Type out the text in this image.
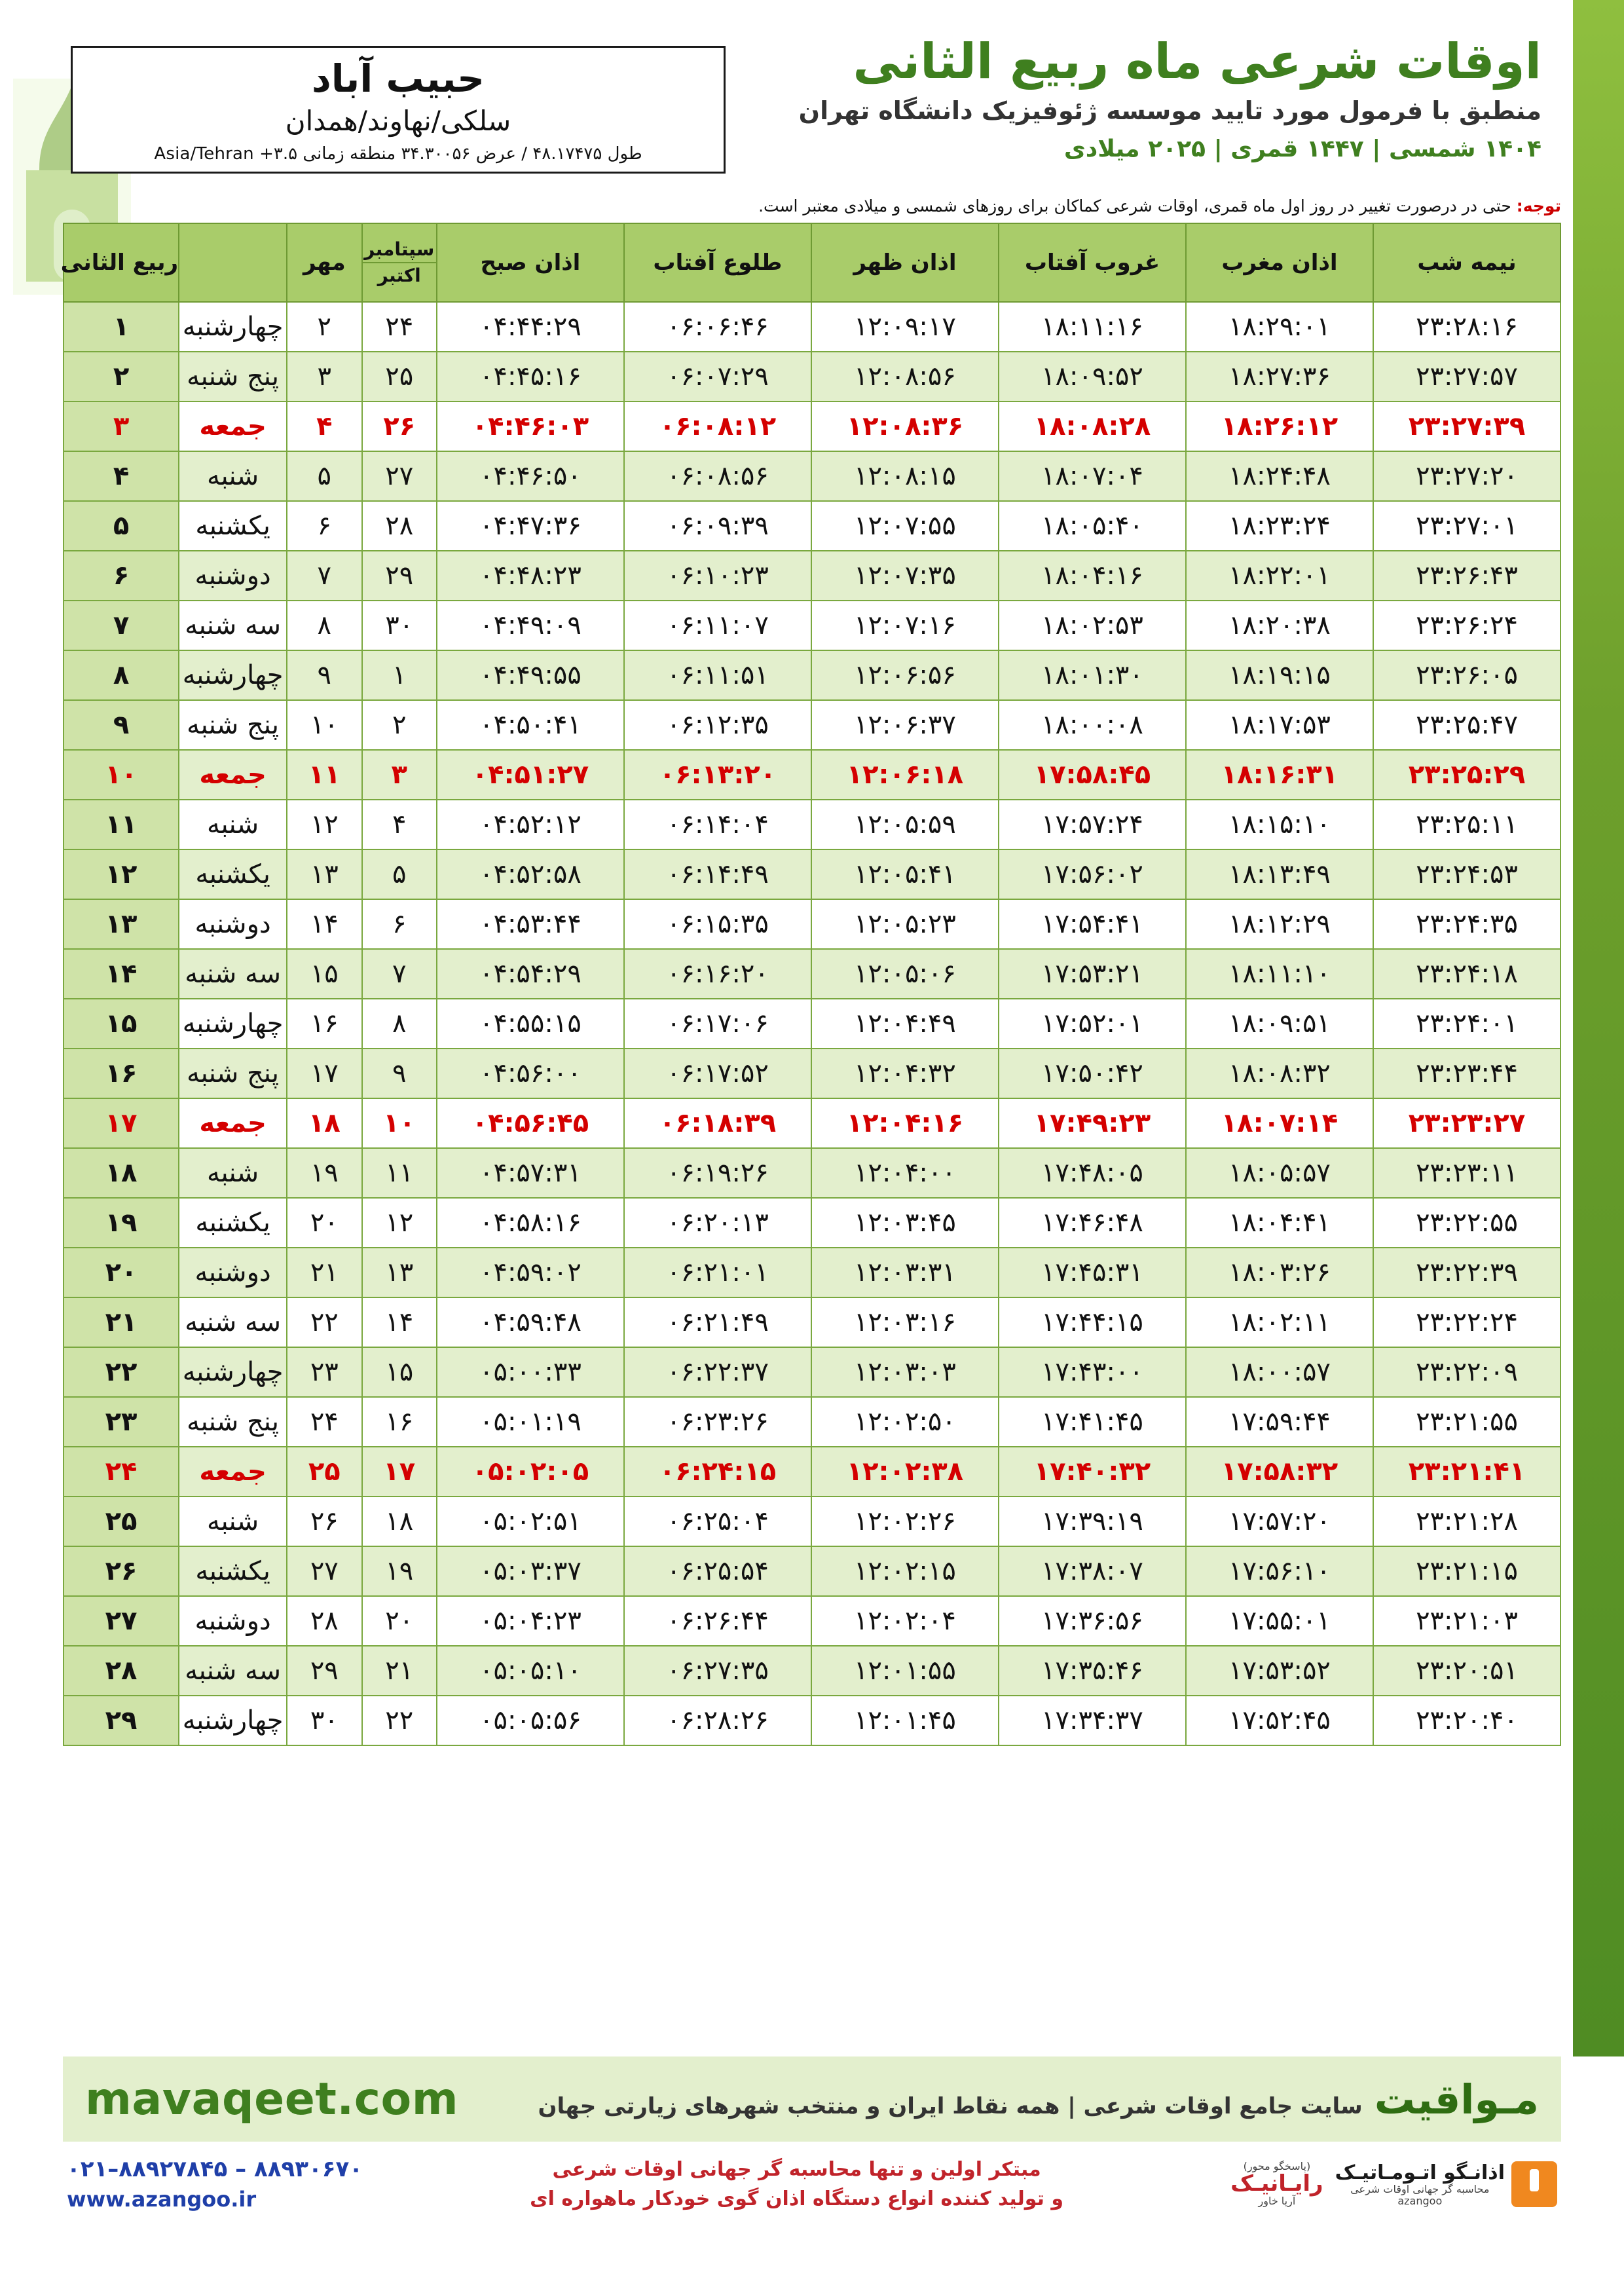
اوقات شرعی ماه ربیع الثانی
منطبق با فرمول مورد تایید موسسه ژئوفیزیک دانشگاه تهران
۱۴۰۴ شمسی | ۱۴۴۷ قمری | ۲۰۲۵ میلادی
حبیب آباد
سلکی/نهاوند/همدان
طول ۴۸.۱۷۴۷۵ / عرض ۳۴.۳۰۰۵۶ منطقه زمانی ۳.۵+ Asia/Tehran
توجه: حتی در درصورت تغییر در روز اول ماه قمری، اوقات شرعی کماکان برای روزهای شمسی و میلادی معتبر است.
نیمه شب	اذان مغرب	غروب آفتاب	اذان ظهر	طلوع آفتاب	اذان صبح	سپتامبر
اکتبر	مهر		ربیع الثانی
۲۳:۲۸:۱۶	۱۸:۲۹:۰۱	۱۸:۱۱:۱۶	۱۲:۰۹:۱۷	۰۶:۰۶:۴۶	۰۴:۴۴:۲۹	۲۴	۲	چهارشنبه	۱
۲۳:۲۷:۵۷	۱۸:۲۷:۳۶	۱۸:۰۹:۵۲	۱۲:۰۸:۵۶	۰۶:۰۷:۲۹	۰۴:۴۵:۱۶	۲۵	۳	پنج شنبه	۲
۲۳:۲۷:۳۹	۱۸:۲۶:۱۲	۱۸:۰۸:۲۸	۱۲:۰۸:۳۶	۰۶:۰۸:۱۲	۰۴:۴۶:۰۳	۲۶	۴	جمعه	۳
۲۳:۲۷:۲۰	۱۸:۲۴:۴۸	۱۸:۰۷:۰۴	۱۲:۰۸:۱۵	۰۶:۰۸:۵۶	۰۴:۴۶:۵۰	۲۷	۵	شنبه	۴
۲۳:۲۷:۰۱	۱۸:۲۳:۲۴	۱۸:۰۵:۴۰	۱۲:۰۷:۵۵	۰۶:۰۹:۳۹	۰۴:۴۷:۳۶	۲۸	۶	یکشنبه	۵
۲۳:۲۶:۴۳	۱۸:۲۲:۰۱	۱۸:۰۴:۱۶	۱۲:۰۷:۳۵	۰۶:۱۰:۲۳	۰۴:۴۸:۲۳	۲۹	۷	دوشنبه	۶
۲۳:۲۶:۲۴	۱۸:۲۰:۳۸	۱۸:۰۲:۵۳	۱۲:۰۷:۱۶	۰۶:۱۱:۰۷	۰۴:۴۹:۰۹	۳۰	۸	سه شنبه	۷
۲۳:۲۶:۰۵	۱۸:۱۹:۱۵	۱۸:۰۱:۳۰	۱۲:۰۶:۵۶	۰۶:۱۱:۵۱	۰۴:۴۹:۵۵	۱	۹	چهارشنبه	۸
۲۳:۲۵:۴۷	۱۸:۱۷:۵۳	۱۸:۰۰:۰۸	۱۲:۰۶:۳۷	۰۶:۱۲:۳۵	۰۴:۵۰:۴۱	۲	۱۰	پنج شنبه	۹
۲۳:۲۵:۲۹	۱۸:۱۶:۳۱	۱۷:۵۸:۴۵	۱۲:۰۶:۱۸	۰۶:۱۳:۲۰	۰۴:۵۱:۲۷	۳	۱۱	جمعه	۱۰
۲۳:۲۵:۱۱	۱۸:۱۵:۱۰	۱۷:۵۷:۲۴	۱۲:۰۵:۵۹	۰۶:۱۴:۰۴	۰۴:۵۲:۱۲	۴	۱۲	شنبه	۱۱
۲۳:۲۴:۵۳	۱۸:۱۳:۴۹	۱۷:۵۶:۰۲	۱۲:۰۵:۴۱	۰۶:۱۴:۴۹	۰۴:۵۲:۵۸	۵	۱۳	یکشنبه	۱۲
۲۳:۲۴:۳۵	۱۸:۱۲:۲۹	۱۷:۵۴:۴۱	۱۲:۰۵:۲۳	۰۶:۱۵:۳۵	۰۴:۵۳:۴۴	۶	۱۴	دوشنبه	۱۳
۲۳:۲۴:۱۸	۱۸:۱۱:۱۰	۱۷:۵۳:۲۱	۱۲:۰۵:۰۶	۰۶:۱۶:۲۰	۰۴:۵۴:۲۹	۷	۱۵	سه شنبه	۱۴
۲۳:۲۴:۰۱	۱۸:۰۹:۵۱	۱۷:۵۲:۰۱	۱۲:۰۴:۴۹	۰۶:۱۷:۰۶	۰۴:۵۵:۱۵	۸	۱۶	چهارشنبه	۱۵
۲۳:۲۳:۴۴	۱۸:۰۸:۳۲	۱۷:۵۰:۴۲	۱۲:۰۴:۳۲	۰۶:۱۷:۵۲	۰۴:۵۶:۰۰	۹	۱۷	پنج شنبه	۱۶
۲۳:۲۳:۲۷	۱۸:۰۷:۱۴	۱۷:۴۹:۲۳	۱۲:۰۴:۱۶	۰۶:۱۸:۳۹	۰۴:۵۶:۴۵	۱۰	۱۸	جمعه	۱۷
۲۳:۲۳:۱۱	۱۸:۰۵:۵۷	۱۷:۴۸:۰۵	۱۲:۰۴:۰۰	۰۶:۱۹:۲۶	۰۴:۵۷:۳۱	۱۱	۱۹	شنبه	۱۸
۲۳:۲۲:۵۵	۱۸:۰۴:۴۱	۱۷:۴۶:۴۸	۱۲:۰۳:۴۵	۰۶:۲۰:۱۳	۰۴:۵۸:۱۶	۱۲	۲۰	یکشنبه	۱۹
۲۳:۲۲:۳۹	۱۸:۰۳:۲۶	۱۷:۴۵:۳۱	۱۲:۰۳:۳۱	۰۶:۲۱:۰۱	۰۴:۵۹:۰۲	۱۳	۲۱	دوشنبه	۲۰
۲۳:۲۲:۲۴	۱۸:۰۲:۱۱	۱۷:۴۴:۱۵	۱۲:۰۳:۱۶	۰۶:۲۱:۴۹	۰۴:۵۹:۴۸	۱۴	۲۲	سه شنبه	۲۱
۲۳:۲۲:۰۹	۱۸:۰۰:۵۷	۱۷:۴۳:۰۰	۱۲:۰۳:۰۳	۰۶:۲۲:۳۷	۰۵:۰۰:۳۳	۱۵	۲۳	چهارشنبه	۲۲
۲۳:۲۱:۵۵	۱۷:۵۹:۴۴	۱۷:۴۱:۴۵	۱۲:۰۲:۵۰	۰۶:۲۳:۲۶	۰۵:۰۱:۱۹	۱۶	۲۴	پنج شنبه	۲۳
۲۳:۲۱:۴۱	۱۷:۵۸:۳۲	۱۷:۴۰:۳۲	۱۲:۰۲:۳۸	۰۶:۲۴:۱۵	۰۵:۰۲:۰۵	۱۷	۲۵	جمعه	۲۴
۲۳:۲۱:۲۸	۱۷:۵۷:۲۰	۱۷:۳۹:۱۹	۱۲:۰۲:۲۶	۰۶:۲۵:۰۴	۰۵:۰۲:۵۱	۱۸	۲۶	شنبه	۲۵
۲۳:۲۱:۱۵	۱۷:۵۶:۱۰	۱۷:۳۸:۰۷	۱۲:۰۲:۱۵	۰۶:۲۵:۵۴	۰۵:۰۳:۳۷	۱۹	۲۷	یکشنبه	۲۶
۲۳:۲۱:۰۳	۱۷:۵۵:۰۱	۱۷:۳۶:۵۶	۱۲:۰۲:۰۴	۰۶:۲۶:۴۴	۰۵:۰۴:۲۳	۲۰	۲۸	دوشنبه	۲۷
۲۳:۲۰:۵۱	۱۷:۵۳:۵۲	۱۷:۳۵:۴۶	۱۲:۰۱:۵۵	۰۶:۲۷:۳۵	۰۵:۰۵:۱۰	۲۱	۲۹	سه شنبه	۲۸
۲۳:۲۰:۴۰	۱۷:۵۲:۴۵	۱۷:۳۴:۳۷	۱۲:۰۱:۴۵	۰۶:۲۸:۲۶	۰۵:۰۵:۵۶	۲۲	۳۰	چهارشنبه	۲۹
مـواقیت
سایت جامع اوقات شرعی | همه نقاط ایران و منتخب شهرهای زیارتی جهان
mavaqeet.com
اذانـگو اتـومـاتیـک
محاسبه گر جهانی اوقات شرعی
azangoo
(پاسخگو محور)
رایـانیـک
آریا خاور
مبتکر اولین و تنها محاسبه گر جهانی اوقات شرعی
و تولید کننده انواع دستگاه اذان گوی خودکار ماهواره ای
۰۲۱–۸۸۹۲۷۸۴۵ – ۸۸۹۳۰۶۷۰
www.azangoo.ir
